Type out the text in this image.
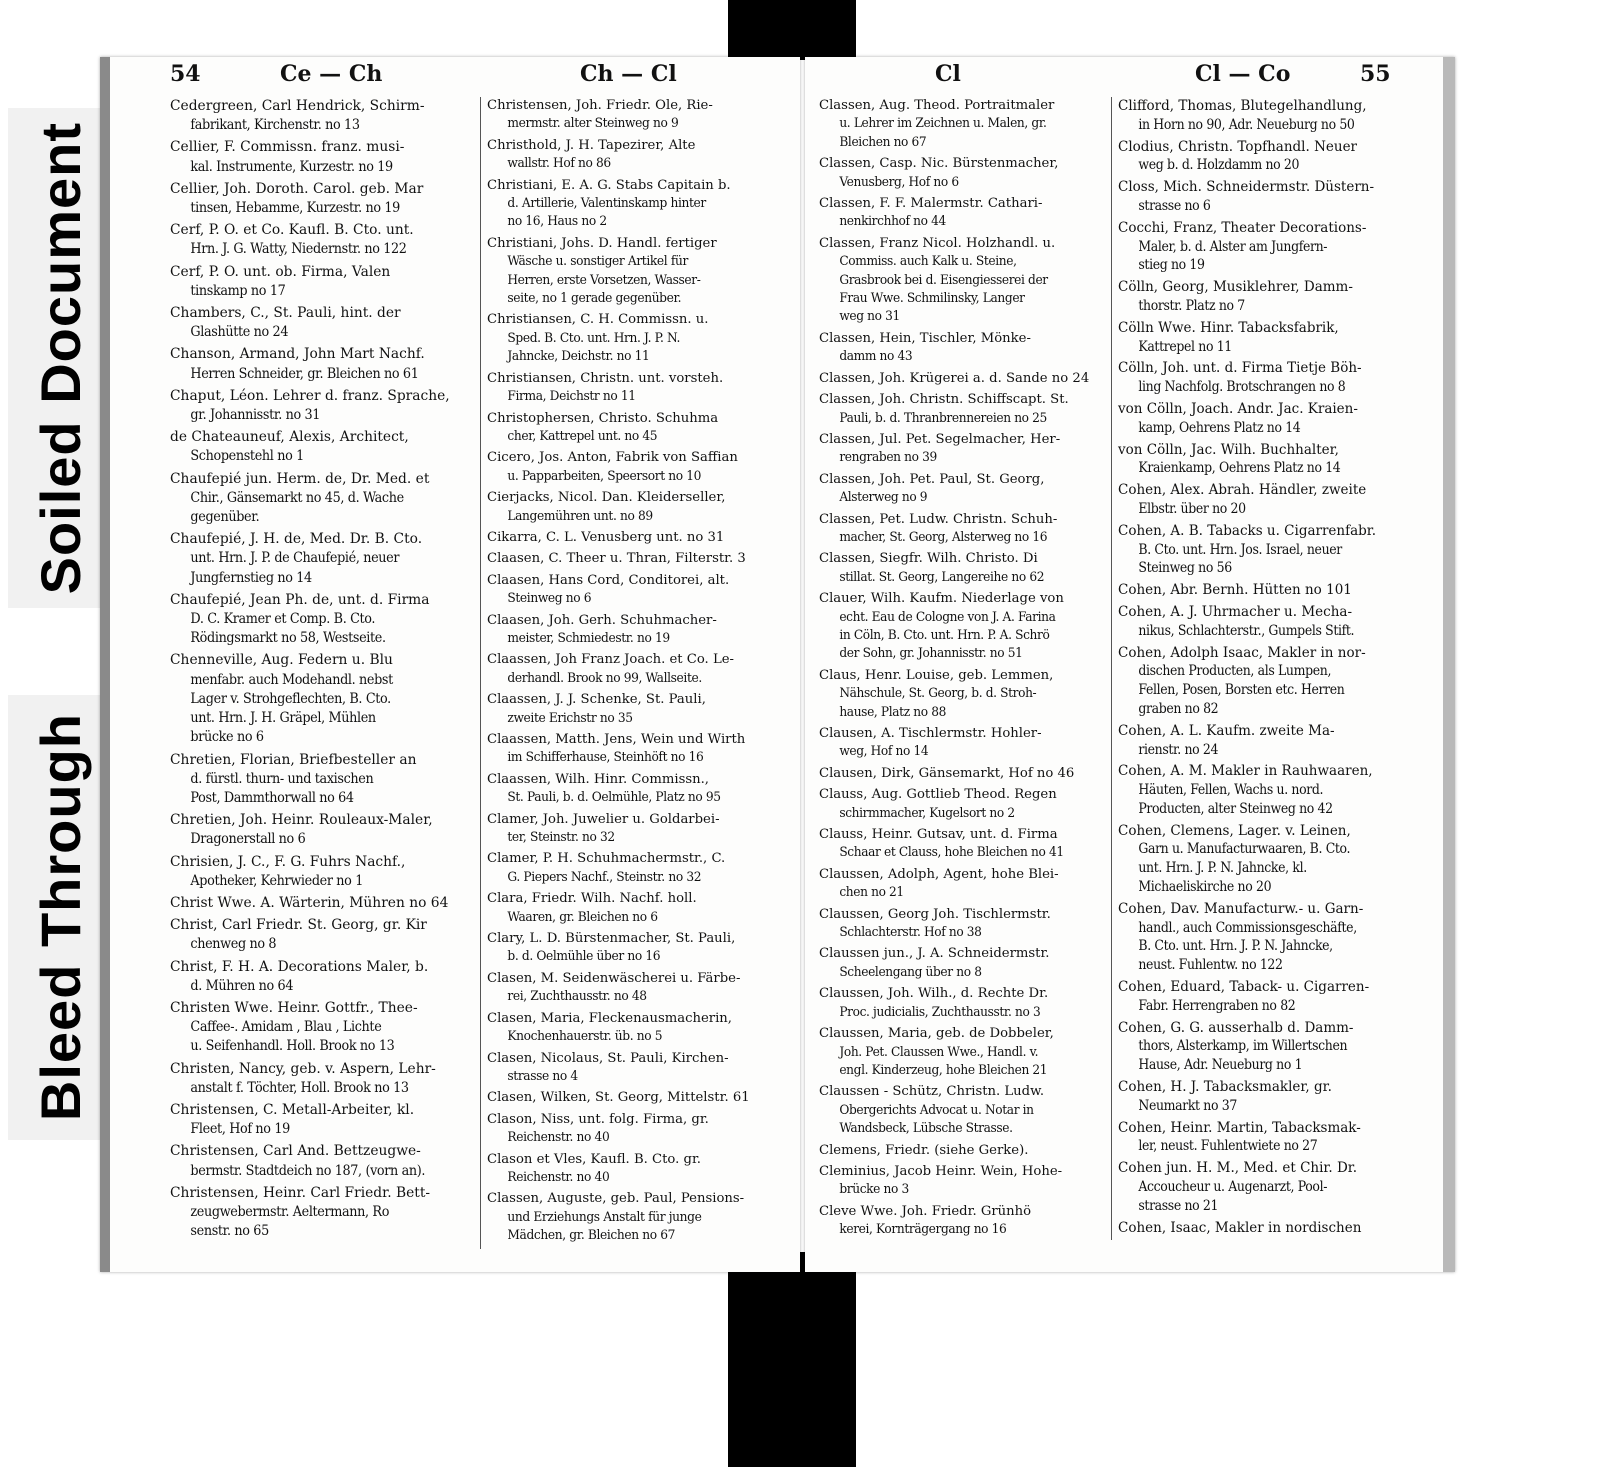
Soiled Document
Bleed Through
54	Ce — Ch	Ch — Cl
Cedergreen, Carl Hendrick, Schirm-
fabrikant, Kirchenstr. no 13
Cellier, F. Commissn. franz. musi-
kal. Instrumente, Kurzestr. no 19
Cellier, Joh. Doroth. Carol. geb. Mar
tinsen, Hebamme, Kurzestr. no 19
Cerf, P. O. et Co. Kaufl. B. Cto. unt.
Hrn. J. G. Watty, Niedernstr. no 122
Cerf, P. O. unt. ob. Firma, Valen
tinskamp no 17
Chambers, C., St. Pauli, hint. der
Glashütte no 24
Chanson, Armand, John Mart Nachf.
Herren Schneider, gr. Bleichen no 61
Chaput, Léon. Lehrer d. franz. Sprache,
gr. Johannisstr. no 31
de Chateauneuf, Alexis, Architect,
Schopenstehl no 1
Chaufepié jun. Herm. de, Dr. Med. et
Chir., Gänsemarkt no 45, d. Wache
gegenüber.
Chaufepié, J. H. de, Med. Dr. B. Cto.
unt. Hrn. J. P. de Chaufepié, neuer
Jungfernstieg no 14
Chaufepié, Jean Ph. de, unt. d. Firma
D. C. Kramer et Comp. B. Cto.
Rödingsmarkt no 58, Westseite.
Chenneville, Aug. Federn u. Blu
menfabr. auch Modehandl. nebst
Lager v. Strohgeflechten, B. Cto.
unt. Hrn. J. H. Gräpel, Mühlen
brücke no 6
Chretien, Florian, Briefbesteller an
d. fürstl. thurn- und taxischen
Post, Dammthorwall no 64
Chretien, Joh. Heinr. Rouleaux-Maler,
Dragonerstall no 6
Chrisien, J. C., F. G. Fuhrs Nachf.,
Apotheker, Kehrwieder no 1
Christ Wwe. A. Wärterin, Mühren no 64
Christ, Carl Friedr. St. Georg, gr. Kir
chenweg no 8
Christ, F. H. A. Decorations Maler, b.
d. Mühren no 64
Christen Wwe. Heinr. Gottfr., Thee-
Caffee-. Amidam , Blau , Lichte
u. Seifenhandl. Holl. Brook no 13
Christen, Nancy, geb. v. Aspern, Lehr-
anstalt f. Töchter, Holl. Brook no 13
Christensen, C. Metall-Arbeiter, kl.
Fleet, Hof no 19
Christensen, Carl And. Bettzeugwe-
bermstr. Stadtdeich no 187, (vorn an).
Christensen, Heinr. Carl Friedr. Bett-
zeugwebermstr. Aeltermann, Ro
senstr. no 65
Christensen, Joh. Friedr. Ole, Rie-
mermstr. alter Steinweg no 9
Christhold, J. H. Tapezirer, Alte
wallstr. Hof no 86
Christiani, E. A. G. Stabs Capitain b.
d. Artillerie, Valentinskamp hinter
no 16, Haus no 2
Christiani, Johs. D. Handl. fertiger
Wäsche u. sonstiger Artikel für
Herren, erste Vorsetzen, Wasser-
seite, no 1 gerade gegenüber.
Christiansen, C. H. Commissn. u.
Sped. B. Cto. unt. Hrn. J. P. N.
Jahncke, Deichstr. no 11
Christiansen, Christn. unt. vorsteh.
Firma, Deichstr no 11
Christophersen, Christo. Schuhma
cher, Kattrepel unt. no 45
Cicero, Jos. Anton, Fabrik von Saffian
u. Papparbeiten, Speersort no 10
Cierjacks, Nicol. Dan. Kleiderseller,
Langemühren unt. no 89
Cikarra, C. L. Venusberg unt. no 31
Claasen, C. Theer u. Thran, Filterstr. 3
Claasen, Hans Cord, Conditorei, alt.
Steinweg no 6
Claasen, Joh. Gerh. Schuhmacher-
meister, Schmiedestr. no 19
Claassen, Joh Franz Joach. et Co. Le-
derhandl. Brook no 99, Wallseite.
Claassen, J. J. Schenke, St. Pauli,
zweite Erichstr no 35
Claassen, Matth. Jens, Wein und Wirth
im Schifferhause, Steinhöft no 16
Claassen, Wilh. Hinr. Commissn.,
St. Pauli, b. d. Oelmühle, Platz no 95
Clamer, Joh. Juwelier u. Goldarbei-
ter, Steinstr. no 32
Clamer, P. H. Schuhmachermstr., C.
G. Piepers Nachf., Steinstr. no 32
Clara, Friedr. Wilh. Nachf. holl.
Waaren, gr. Bleichen no 6
Clary, L. D. Bürstenmacher, St. Pauli,
b. d. Oelmühle über no 16
Clasen, M. Seidenwäscherei u. Färbe-
rei, Zuchthausstr. no 48
Clasen, Maria, Fleckenausmacherin,
Knochenhauerstr. üb. no 5
Clasen, Nicolaus, St. Pauli, Kirchen-
strasse no 4
Clasen, Wilken, St. Georg, Mittelstr. 61
Clason, Niss, unt. folg. Firma, gr.
Reichenstr. no 40
Clason et Vles, Kaufl. B. Cto. gr.
Reichenstr. no 40
Classen, Auguste, geb. Paul, Pensions-
und Erziehungs Anstalt für junge
Mädchen, gr. Bleichen no 67
Cl	Cl — Co	55
Classen, Aug. Theod. Portraitmaler
u. Lehrer im Zeichnen u. Malen, gr.
Bleichen no 67
Classen, Casp. Nic. Bürstenmacher,
Venusberg, Hof no 6
Classen, F. F. Malermstr. Cathari-
nenkirchhof no 44
Classen, Franz Nicol. Holzhandl. u.
Commiss. auch Kalk u. Steine,
Grasbrook bei d. Eisengiesserei der
Frau Wwe. Schmilinsky, Langer
weg no 31
Classen, Hein, Tischler, Mönke-
damm no 43
Classen, Joh. Krügerei a. d. Sande no 24
Classen, Joh. Christn. Schiffscapt. St.
Pauli, b. d. Thranbrennereien no 25
Classen, Jul. Pet. Segelmacher, Her-
rengraben no 39
Classen, Joh. Pet. Paul, St. Georg,
Alsterweg no 9
Classen, Pet. Ludw. Christn. Schuh-
macher, St. Georg, Alsterweg no 16
Classen, Siegfr. Wilh. Christo. Di
stillat. St. Georg, Langereihe no 62
Clauer, Wilh. Kaufm. Niederlage von
echt. Eau de Cologne von J. A. Farina
in Cöln, B. Cto. unt. Hrn. P. A. Schrö
der Sohn, gr. Johannisstr. no 51
Claus, Henr. Louise, geb. Lemmen,
Nähschule, St. Georg, b. d. Stroh-
hause, Platz no 88
Clausen, A. Tischlermstr. Hohler-
weg, Hof no 14
Clausen, Dirk, Gänsemarkt, Hof no 46
Clauss, Aug. Gottlieb Theod. Regen
schirmmacher, Kugelsort no 2
Clauss, Heinr. Gutsav, unt. d. Firma
Schaar et Clauss, hohe Bleichen no 41
Claussen, Adolph, Agent, hohe Blei-
chen no 21
Claussen, Georg Joh. Tischlermstr.
Schlachterstr. Hof no 38
Claussen jun., J. A. Schneidermstr.
Scheelengang über no 8
Claussen, Joh. Wilh., d. Rechte Dr.
Proc. judicialis, Zuchthausstr. no 3
Claussen, Maria, geb. de Dobbeler,
Joh. Pet. Claussen Wwe., Handl. v.
engl. Kinderzeug, hohe Bleichen 21
Claussen - Schütz, Christn. Ludw.
Obergerichts Advocat u. Notar in
Wandsbeck, Lübsche Strasse.
Clemens, Friedr. (siehe Gerke).
Cleminius, Jacob Heinr. Wein, Hohe-
brücke no 3
Cleve Wwe. Joh. Friedr. Grünhö
kerei, Kornträgergang no 16
Clifford, Thomas, Blutegelhandlung,
in Horn no 90, Adr. Neueburg no 50
Clodius, Christn. Topfhandl. Neuer
weg b. d. Holzdamm no 20
Closs, Mich. Schneidermstr. Düstern-
strasse no 6
Cocchi, Franz, Theater Decorations-
Maler, b. d. Alster am Jungfern-
stieg no 19
Cölln, Georg, Musiklehrer, Damm-
thorstr. Platz no 7
Cölln Wwe. Hinr. Tabacksfabrik,
Kattrepel no 11
Cölln, Joh. unt. d. Firma Tietje Böh-
ling Nachfolg. Brotschrangen no 8
von Cölln, Joach. Andr. Jac. Kraien-
kamp, Oehrens Platz no 14
von Cölln, Jac. Wilh. Buchhalter,
Kraienkamp, Oehrens Platz no 14
Cohen, Alex. Abrah. Händler, zweite
Elbstr. über no 20
Cohen, A. B. Tabacks u. Cigarrenfabr.
B. Cto. unt. Hrn. Jos. Israel, neuer
Steinweg no 56
Cohen, Abr. Bernh. Hütten no 101
Cohen, A. J. Uhrmacher u. Mecha-
nikus, Schlachterstr., Gumpels Stift.
Cohen, Adolph Isaac, Makler in nor-
dischen Producten, als Lumpen,
Fellen, Posen, Borsten etc. Herren
graben no 82
Cohen, A. L. Kaufm. zweite Ma-
rienstr. no 24
Cohen, A. M. Makler in Rauhwaaren,
Häuten, Fellen, Wachs u. nord.
Producten, alter Steinweg no 42
Cohen, Clemens, Lager. v. Leinen,
Garn u. Manufacturwaaren, B. Cto.
unt. Hrn. J. P. N. Jahncke, kl.
Michaeliskirche no 20
Cohen, Dav. Manufacturw.- u. Garn-
handl., auch Commissionsgeschäfte,
B. Cto. unt. Hrn. J. P. N. Jahncke,
neust. Fuhlentw. no 122
Cohen, Eduard, Taback- u. Cigarren-
Fabr. Herrengraben no 82
Cohen, G. G. ausserhalb d. Damm-
thors, Alsterkamp, im Willertschen
Hause, Adr. Neueburg no 1
Cohen, H. J. Tabacksmakler, gr.
Neumarkt no 37
Cohen, Heinr. Martin, Tabacksmak-
ler, neust. Fuhlentwiete no 27
Cohen jun. H. M., Med. et Chir. Dr.
Accoucheur u. Augenarzt, Pool-
strasse no 21
Cohen, Isaac, Makler in nordischen
